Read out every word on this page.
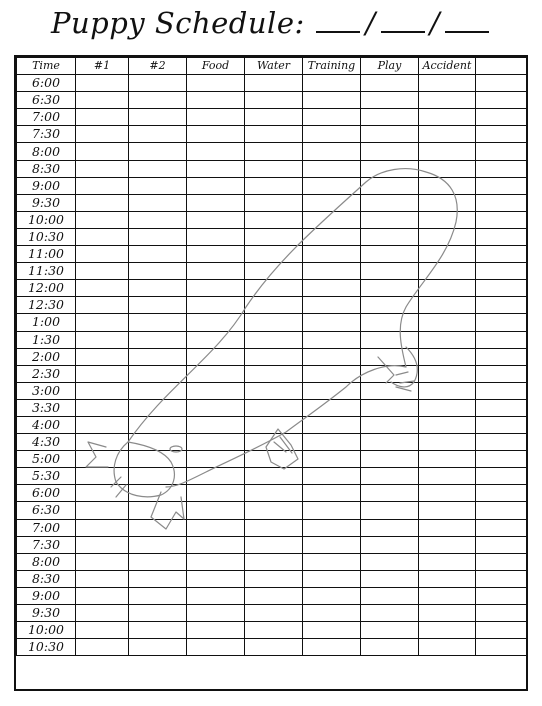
Puppy Schedule: / /
Time	#1	#2	Food	Water	Training	Play	Accident	
6:00								
6:30								
7:00								
7:30								
8:00								
8:30								
9:00								
9:30								
10:00								
10:30								
11:00								
11:30								
12:00								
12:30								
1:00								
1:30								
2:00								
2:30								
3:00								
3:30								
4:00								
4:30								
5:00								
5:30								
6:00								
6:30								
7:00								
7:30								
8:00								
8:30								
9:00								
9:30								
10:00								
10:30								
